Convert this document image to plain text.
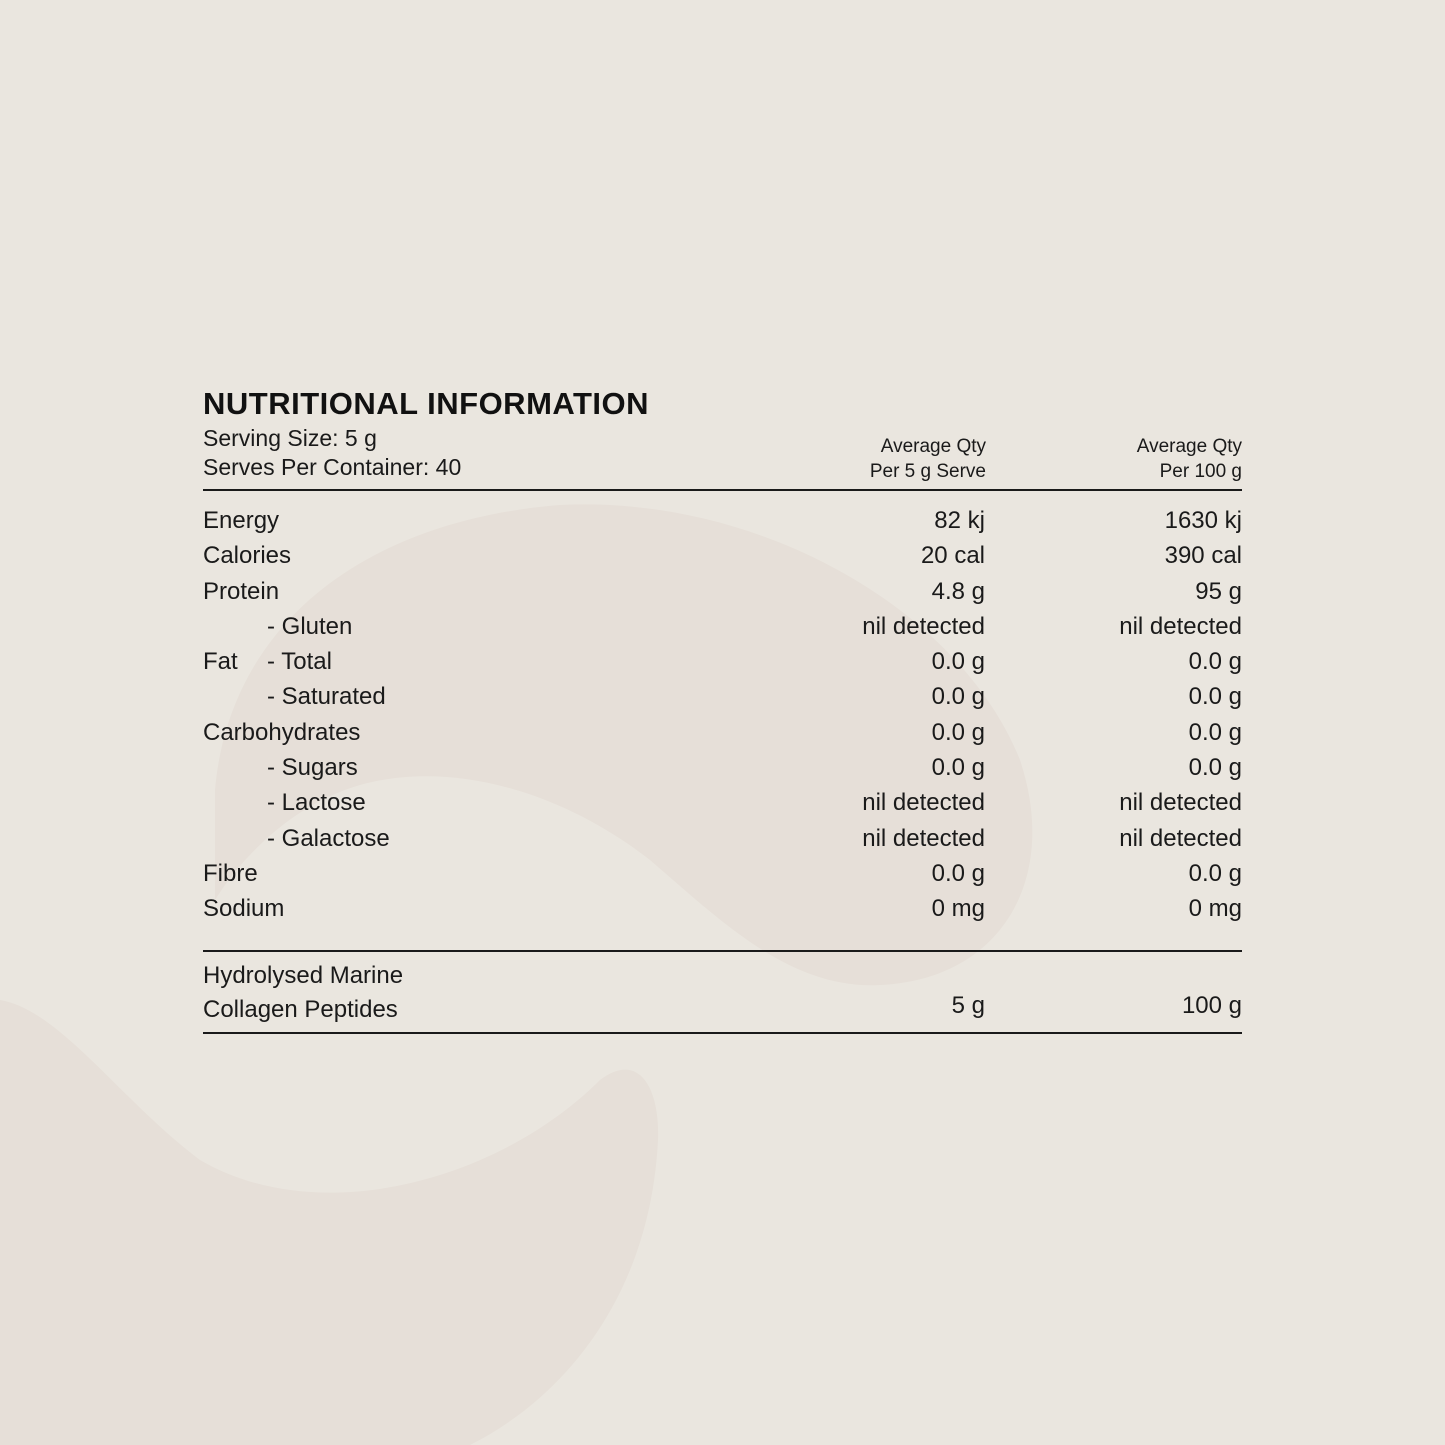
NUTRITIONAL INFORMATION
Serving Size: 5 g
Serves Per Container: 40
Average Qty
Per 5 g Serve
Average Qty
Per 100 g
Energy	82 kj	1630 kj
Calories	20 cal	390 cal
Protein	4.8 g	95 g
- Gluten	nil detected	nil detected
Fat - Total	0.0 g	0.0 g
- Saturated	0.0 g	0.0 g
Carbohydrates	0.0 g	0.0 g
- Sugars	0.0 g	0.0 g
- Lactose	nil detected	nil detected
- Galactose	nil detected	nil detected
Fibre	0.0 g	0.0 g
Sodium	0 mg	0 mg
Hydrolysed Marine
Collagen Peptides	5 g	100 g
